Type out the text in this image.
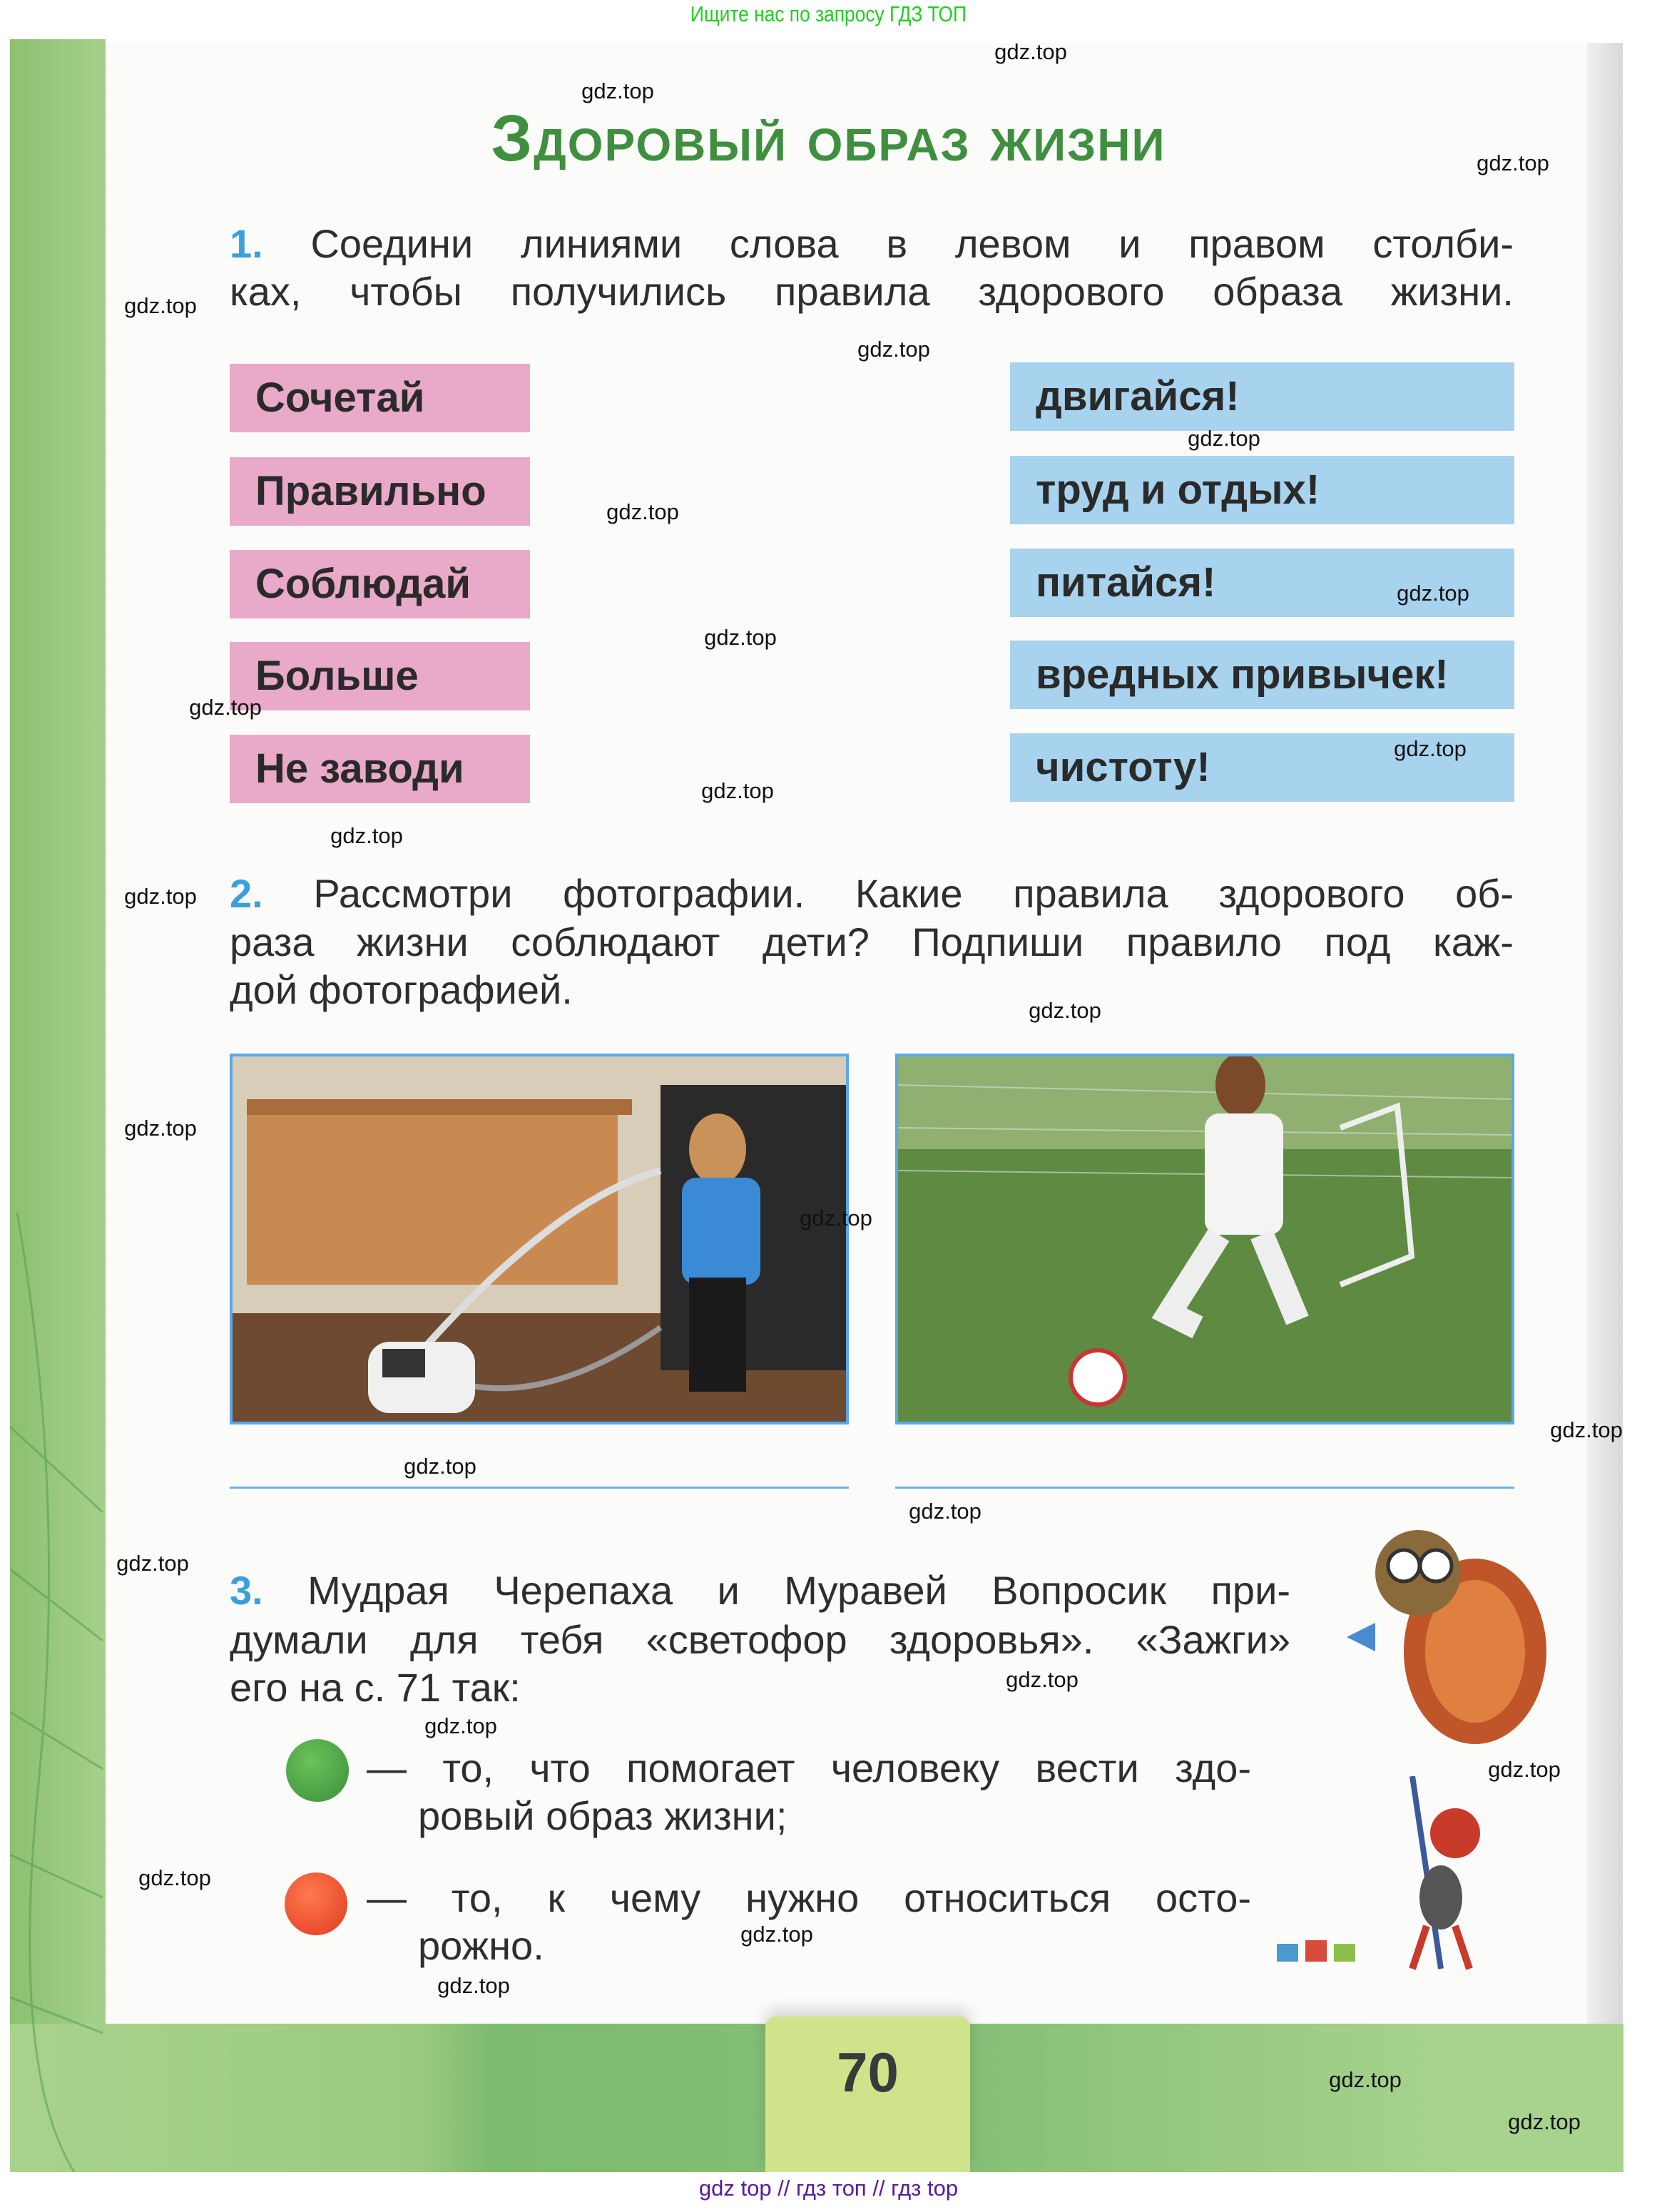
Ищите нас по запросу ГДЗ ТОП
Здоровый образ жизни
1. Соедини линиями слова в левом и правом столби-
ках, чтобы получились правила здорового образа жизни.
Сочетай
Правильно
Соблюдай
Больше
Не заводи
двигайся!
труд и отдых!
питайся!
вредных привычек!
чистоту!
2. Рассмотри фотографии. Какие правила здорового об-
раза жизни соблюдают дети? Подпиши правило под каж-
дой фотографией.
3. Мудрая Черепаха и Муравей Вопросик при-
думали для тебя «светофор здоровья». «Зажги»
его на с. 71 так:
— то, что помогает человеку вести здо-
ровый образ жизни;
— то, к чему нужно относиться осто-
рожно.
70
gdz top // гдз топ // гдз top
gdz.top
gdz.top
gdz.top
gdz.top
gdz.top
gdz.top
gdz.top
gdz.top
gdz.top
gdz.top
gdz.top
gdz.top
gdz.top
gdz.top
gdz.top
gdz.top
gdz.top
gdz.top
gdz.top
gdz.top
gdz.top
gdz.top
gdz.top
gdz.top
gdz.top
gdz.top
gdz.top
gdz.top
gdz.top
